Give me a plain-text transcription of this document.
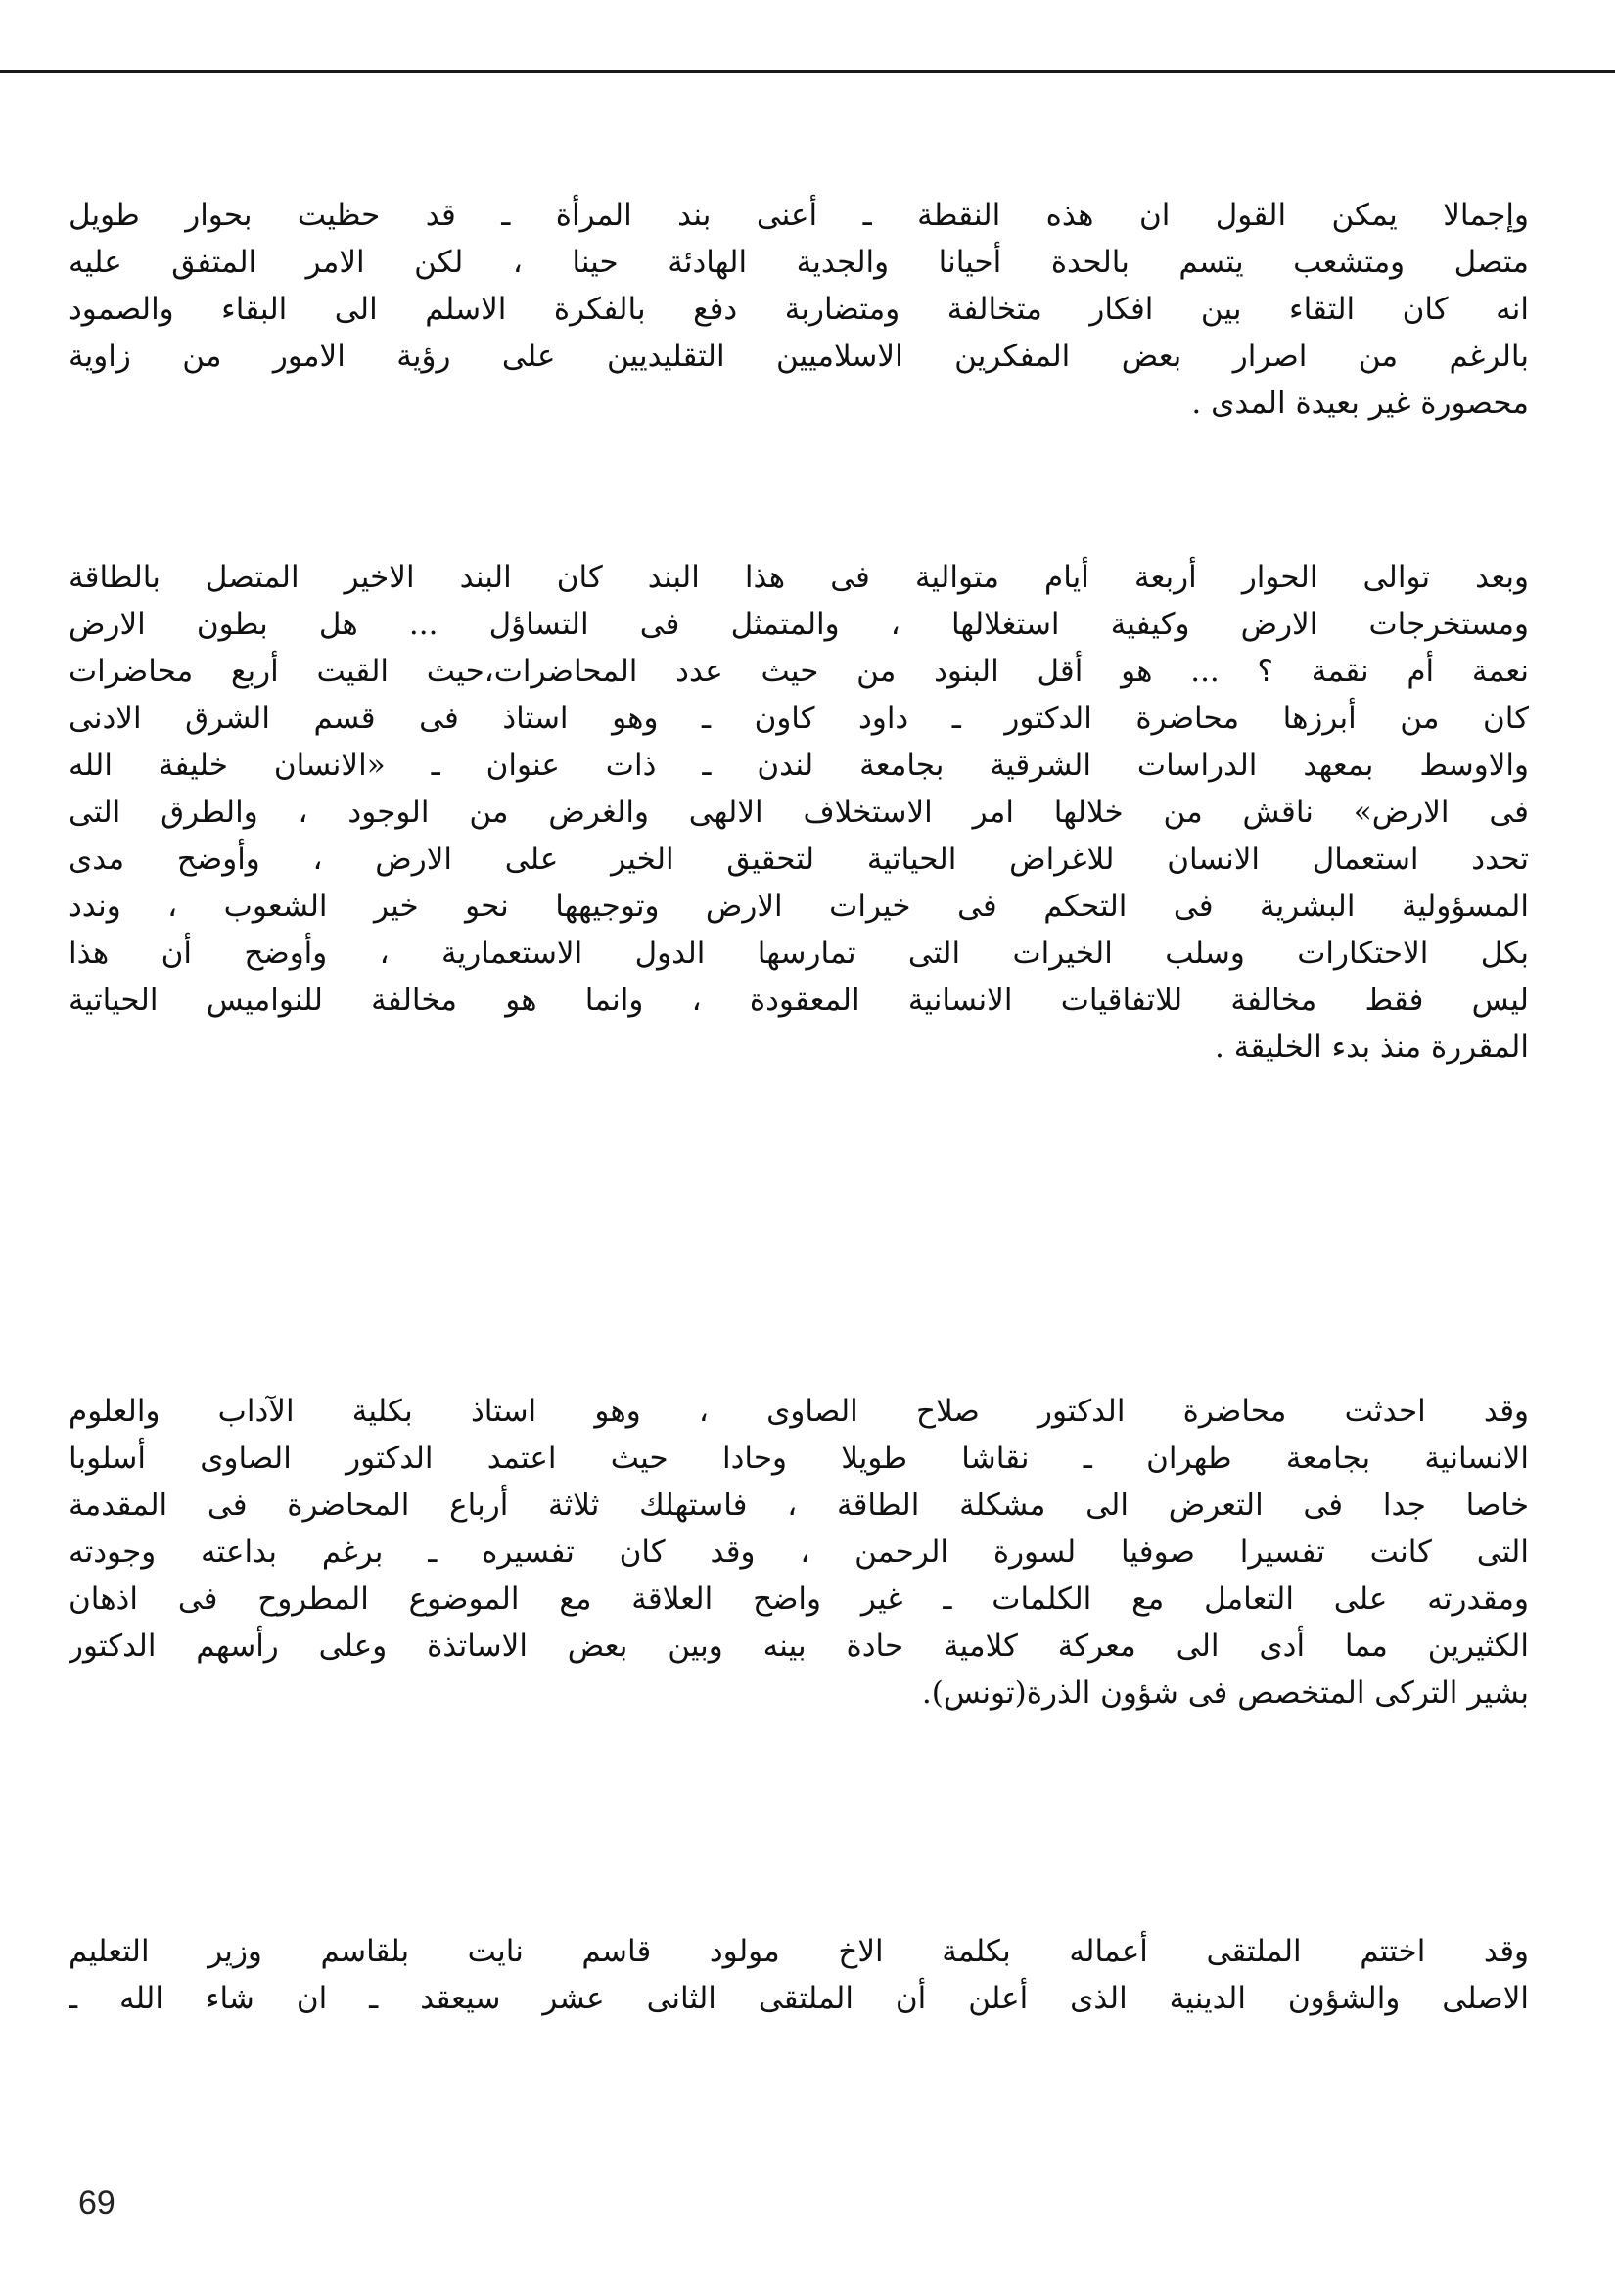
وإجمالا يمكن القول ان هذه النقطة ـ أعنى بند المرأة ـ قد حظيت بحوار طويل
متصل ومتشعب يتسم بالحدة أحيانا والجدية الهادئة حينا ، لكن الامر المتفق عليه
انه كان التقاء بين افكار متخالفة ومتضاربة دفع بالفكرة الاسلم الى البقاء والصمود
بالرغم من اصرار بعض المفكرين الاسلاميين التقليديين على رؤية الامور من زاوية
محصورة غير بعيدة المدى .
وبعد توالى الحوار أربعة أيام متوالية فى هذا البند كان البند الاخير المتصل بالطاقة
ومستخرجات الارض وكيفية استغلالها ، والمتمثل فى التساؤل ... هل بطون الارض
نعمة أم نقمة ؟ ... هو أقل البنود من حيث عدد المحاضرات،حيث القيت أربع محاضرات
كان من أبرزها محاضرة الدكتور ـ داود كاون ـ وهو استاذ فى قسم الشرق الادنى
والاوسط بمعهد الدراسات الشرقية بجامعة لندن ـ ذات عنوان ـ «الانسان خليفة الله
فى الارض» ناقش من خلالها امر الاستخلاف الالهى والغرض من الوجود ، والطرق التى
تحدد استعمال الانسان للاغراض الحياتية لتحقيق الخير على الارض ، وأوضح مدى
المسؤولية البشرية فى التحكم فى خيرات الارض وتوجيهها نحو خير الشعوب ، وندد
بكل الاحتكارات وسلب الخيرات التى تمارسها الدول الاستعمارية ، وأوضح أن هذا
ليس فقط مخالفة للاتفاقيات الانسانية المعقودة ، وانما هو مخالفة للنواميس الحياتية
المقررة منذ بدء الخليقة .
وقد احدثت محاضرة الدكتور صلاح الصاوى ، وهو استاذ بكلية الآداب والعلوم
الانسانية بجامعة طهران ـ نقاشا طويلا وحادا حيث اعتمد الدكتور الصاوى أسلوبا
خاصا جدا فى التعرض الى مشكلة الطاقة ، فاستهلك ثلاثة أرباع المحاضرة فى المقدمة
التى كانت تفسيرا صوفيا لسورة الرحمن ، وقد كان تفسيره ـ برغم بداعته وجودته
ومقدرته على التعامل مع الكلمات ـ غير واضح العلاقة مع الموضوع المطروح فى اذهان
الكثيرين مما أدى الى معركة كلامية حادة بينه وبين بعض الاساتذة وعلى رأسهم الدكتور
بشير التركى المتخصص فى شؤون الذرة(تونس).
وقد اختتم الملتقى أعماله بكلمة الاخ مولود قاسم نايت بلقاسم وزير التعليم
الاصلى والشؤون الدينية الذى أعلن أن الملتقى الثانى عشر سيعقد ـ ان شاء الله ـ
69
